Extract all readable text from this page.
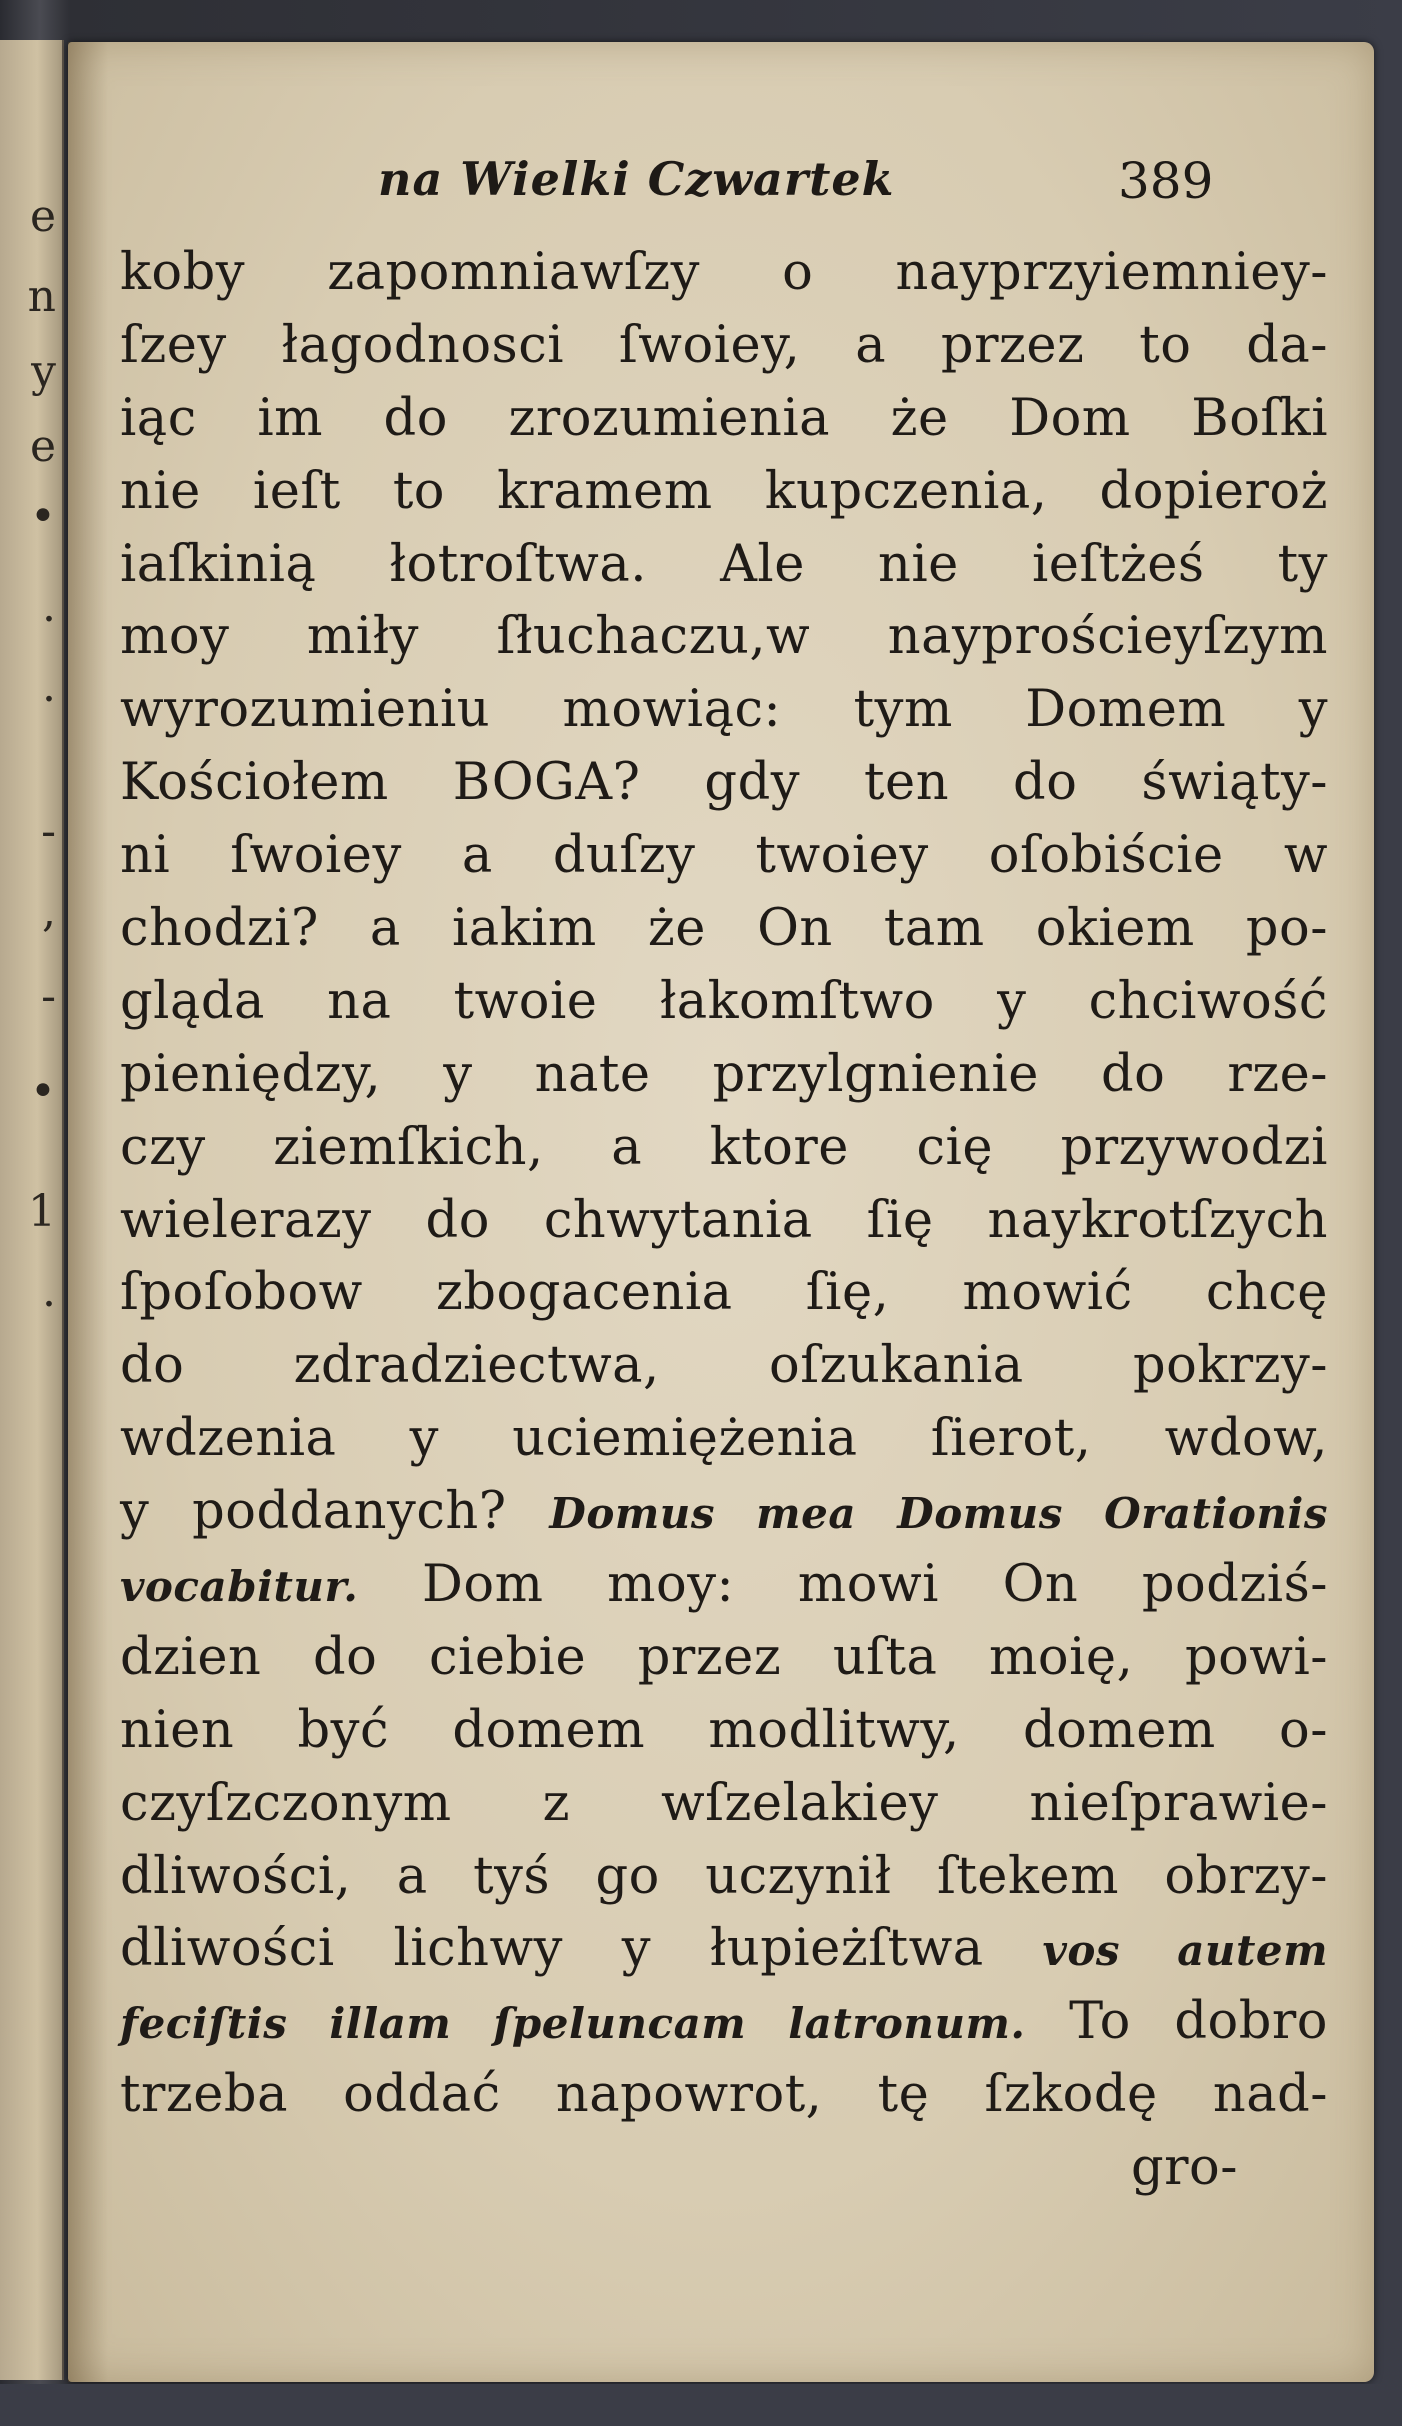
e
n
y
e
•
.
.
-
,
-
•
1
.
na Wielki Czwartek	389
koby zapomniawſzy o nayprzyiemniey-
ſzey łagodnosci ſwoiey, a przez to da-
iąc im do zrozumienia że Dom Boſki
nie ieſt to kramem kupczenia, dopieroż
iaſkinią łotroſtwa. Ale nie ieſtżeś ty
moy miły ſłuchaczu,w nayprościeyſzym
wyrozumieniu mowiąc: tym Domem y
Kościołem BOGA? gdy ten do świąty-
ni ſwoiey a duſzy twoiey oſobiście w
chodzi? a iakim że On tam okiem po-
gląda na twoie łakomſtwo y chciwość
pieniędzy, y nate przylgnienie do rze-
czy ziemſkich, a ktore cię przywodzi
wielerazy do chwytania ſię naykrotſzych
ſpoſobow zbogacenia ſię, mowić chcę
do zdradziectwa, oſzukania pokrzy-
wdzenia y uciemiężenia ſierot, wdow,
y poddanych? Domus mea Domus Orationis
vocabitur. Dom moy: mowi On podziś-
dzien do ciebie przez uſta moię, powi-
nien być domem modlitwy, domem o-
czyſzczonym z wſzelakiey nieſprawie-
dliwości, a tyś go uczynił ſtekem obrzy-
dliwości lichwy y łupieżſtwa vos autem
feciſtis illam ſpeluncam latronum. To dobro
trzeba oddać napowrot, tę ſzkodę nad-
gro-
